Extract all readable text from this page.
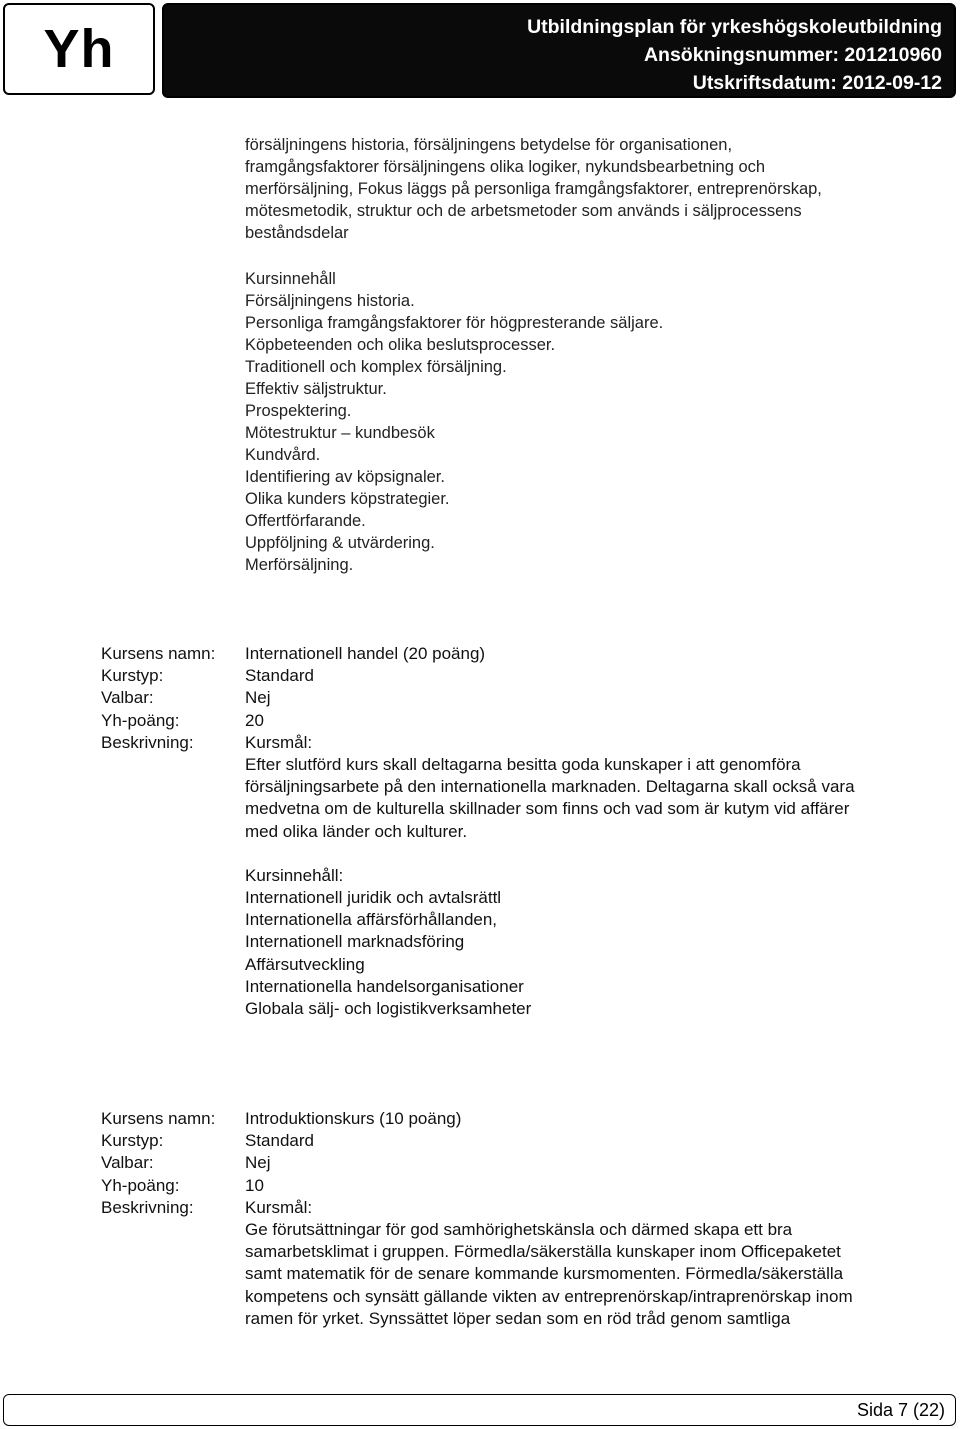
Yh	Utbildningsplan för yrkeshögskoleutbildning
Ansökningsnummer: 201210960
Utskriftsdatum: 2012-09-12
försäljningens historia, försäljningens betydelse för organisationen,
framgångsfaktorer försäljningens olika logiker, nykundsbearbetning och
merförsäljning, Fokus läggs på personliga framgångsfaktorer, entreprenörskap,
mötesmetodik, struktur och de arbetsmetoder som används i säljprocessens
beståndsdelar
Kursinnehåll
Försäljningens historia.
Personliga framgångsfaktorer för högpresterande säljare.
Köpbeteenden och olika beslutsprocesser.
Traditionell och komplex försäljning.
Effektiv säljstruktur.
Prospektering.
Mötestruktur – kundbesök
Kundvård.
Identifiering av köpsignaler.
Olika kunders köpstrategier.
Offertförfarande.
Uppföljning & utvärdering.
Merförsäljning.
Kursens namn:	Internationell handel (20 poäng)
Kurstyp:	Standard
Valbar:	Nej
Yh-poäng:	20
Beskrivning:	Kursmål:
Efter slutförd kurs skall deltagarna besitta goda kunskaper i att genomföra
försäljningsarbete på den internationella marknaden. Deltagarna skall också vara
medvetna om de kulturella skillnader som finns och vad som är kutym vid affärer
med olika länder och kulturer.
Kursinnehåll:
Internationell juridik och avtalsrättl
Internationella affärsförhållanden,
Internationell marknadsföring
Affärsutveckling
Internationella handelsorganisationer
Globala sälj- och logistikverksamheter
Kursens namn:	Introduktionskurs (10 poäng)
Kurstyp:	Standard
Valbar:	Nej
Yh-poäng:	10
Beskrivning:	Kursmål:
Ge förutsättningar för god samhörighetskänsla och därmed skapa ett bra
samarbetsklimat i gruppen. Förmedla/säkerställa kunskaper inom Officepaketet
samt matematik för de senare kommande kursmomenten. Förmedla/säkerställa
kompetens och synsätt gällande vikten av entreprenörskap/intraprenörskap inom
ramen för yrket. Synssättet löper sedan som en röd tråd genom samtliga
Sida 7 (22)
